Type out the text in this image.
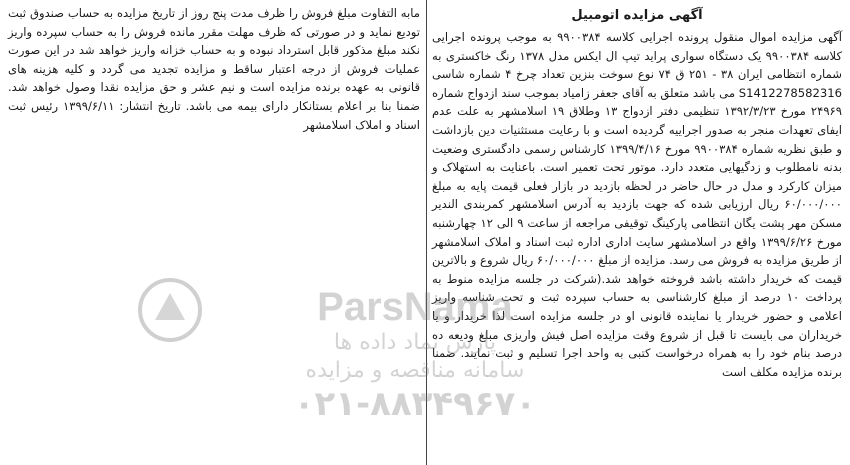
آگهی مزایده اتومبیل

آگهی مزایده اموال منقول پرونده اجرایی کلاسه ۹۹۰۰۳۸۴ به موجب پرونده اجرایی کلاسه ۹۹۰۰۳۸۴ یک دستگاه سواری پراید تیپ ال ایکس مدل ۱۳۷۸ رنگ خاکستری به شماره انتظامی ایران ۳۸ - ۲۵۱ ق ۷۴ نوع سوخت بنزین تعداد چرخ ۴ شماره شاسی S1412278582316 می باشد متعلق به آقای جعفر زامیاد بموجب سند ازدواج شماره ۲۴۹۶۹ مورخ ۱۳۹۲/۳/۲۳ تنظیمی دفتر ازدواج ۱۳ وطلاق ۱۹ اسلامشهر به علت عدم ایفای تعهدات منجر به صدور اجراییه گردیده است و با رعایت مستثنیات دین بازداشت و طبق نظریه شماره ۹۹۰۰۳۸۴ مورخ ۱۳۹۹/۴/۱۶ کارشناس رسمی دادگستری وضعیت بدنه نامطلوب و زدگیهایی متعدد دارد. موتور تحت تعمیر است. باعنایت به استهلاک و میزان کارکرد و مدل در حال حاضر در لحظه بازدید در بازار فعلی قیمت پایه به مبلغ ۶۰/۰۰۰/۰۰۰ ریال ارزیابی شده که جهت بازدید به آدرس اسلامشهر کمربندی الندیر مسکن مهر پشت یگان انتظامی پارکینگ توقیفی مراجعه از ساعت ۹ الی ۱۲ چهارشنبه مورخ ۱۳۹۹/۶/۲۶ واقع در اسلامشهر سایت اداری اداره ثبت اسناد و املاک اسلامشهر از طریق مزایده به فروش می رسد. مزایده از مبلغ ۶۰/۰۰۰/۰۰۰ ریال شروع و بالاترین قیمت که خریدار داشته باشد فروخته خواهد شد.(شرکت در جلسه مزایده منوط به پرداخت ۱۰ درصد از مبلغ کارشناسی به حساب سپرده ثبت و تحت شناسه واریز اعلامی و حضور خریدار یا نماینده قانونی او در جلسه مزایده است لذا خریدار و یا خریداران می بایست تا قبل از شروع وقت مزایده اصل فیش واریزی مبلغ ودیعه ده درصد بنام خود را به همراه درخواست کتبی به واحد اجرا تسلیم و ثبت نمایند. ضمنا برنده مزایده مکلف است

مابه التفاوت مبلغ فروش را ظرف مدت پنج روز از تاریخ مزایده به حساب صندوق ثبت تودیع نماید و در صورتی که ظرف مهلت مقرر مانده فروش را به حساب سپرده واریز نکند مبلغ مذکور قابل استرداد نبوده و به حساب خزانه واریز خواهد شد در این صورت عملیات فروش از درجه اعتبار ساقط و مزایده تجدید می گردد و کلیه هزینه های قانونی به عهده برنده مزایده است و نیم عشر و حق مزایده نقدا وصول خواهد شد. ضمنا بنا بر اعلام بستانکار دارای بیمه می باشد. تاریخ انتشار: ۱۳۹۹/۶/۱۱ رئیس ثبت اسناد و املاک اسلامشهر

ParsNama
پارس نماد داده ها
سامانه مناقصه و مزایده
۰۲۱-۸۸۳۴۹۶۷۰
